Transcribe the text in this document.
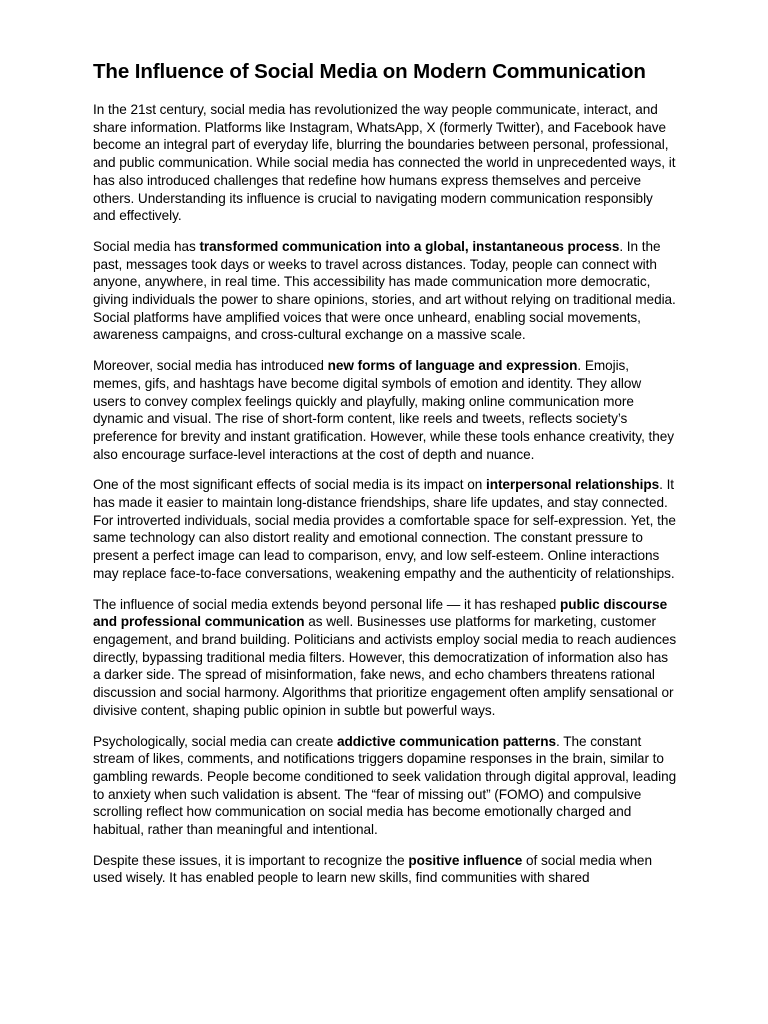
The Influence of Social Media on Modern Communication

In the 21st century, social media has revolutionized the way people communicate, interact, and share information. Platforms like Instagram, WhatsApp, X (formerly Twitter), and Facebook have become an integral part of everyday life, blurring the boundaries between personal, professional, and public communication. While social media has connected the world in unprecedented ways, it has also introduced challenges that redefine how humans express themselves and perceive others. Understanding its influence is crucial to navigating modern communication responsibly and effectively.

Social media has transformed communication into a global, instantaneous process. In the past, messages took days or weeks to travel across distances. Today, people can connect with anyone, anywhere, in real time. This accessibility has made communication more democratic, giving individuals the power to share opinions, stories, and art without relying on traditional media. Social platforms have amplified voices that were once unheard, enabling social movements, awareness campaigns, and cross-cultural exchange on a massive scale.

Moreover, social media has introduced new forms of language and expression. Emojis, memes, gifs, and hashtags have become digital symbols of emotion and identity. They allow users to convey complex feelings quickly and playfully, making online communication more dynamic and visual. The rise of short-form content, like reels and tweets, reflects society’s preference for brevity and instant gratification. However, while these tools enhance creativity, they also encourage surface-level interactions at the cost of depth and nuance.

One of the most significant effects of social media is its impact on interpersonal relationships. It has made it easier to maintain long-distance friendships, share life updates, and stay connected. For introverted individuals, social media provides a comfortable space for self-expression. Yet, the same technology can also distort reality and emotional connection. The constant pressure to present a perfect image can lead to comparison, envy, and low self-esteem. Online interactions may replace face-to-face conversations, weakening empathy and the authenticity of relationships.

The influence of social media extends beyond personal life — it has reshaped public discourse and professional communication as well. Businesses use platforms for marketing, customer engagement, and brand building. Politicians and activists employ social media to reach audiences directly, bypassing traditional media filters. However, this democratization of information also has a darker side. The spread of misinformation, fake news, and echo chambers threatens rational discussion and social harmony. Algorithms that prioritize engagement often amplify sensational or divisive content, shaping public opinion in subtle but powerful ways.

Psychologically, social media can create addictive communication patterns. The constant stream of likes, comments, and notifications triggers dopamine responses in the brain, similar to gambling rewards. People become conditioned to seek validation through digital approval, leading to anxiety when such validation is absent. The “fear of missing out” (FOMO) and compulsive scrolling reflect how communication on social media has become emotionally charged and habitual, rather than meaningful and intentional.

Despite these issues, it is important to recognize the positive influence of social media when used wisely. It has enabled people to learn new skills, find communities with shared
